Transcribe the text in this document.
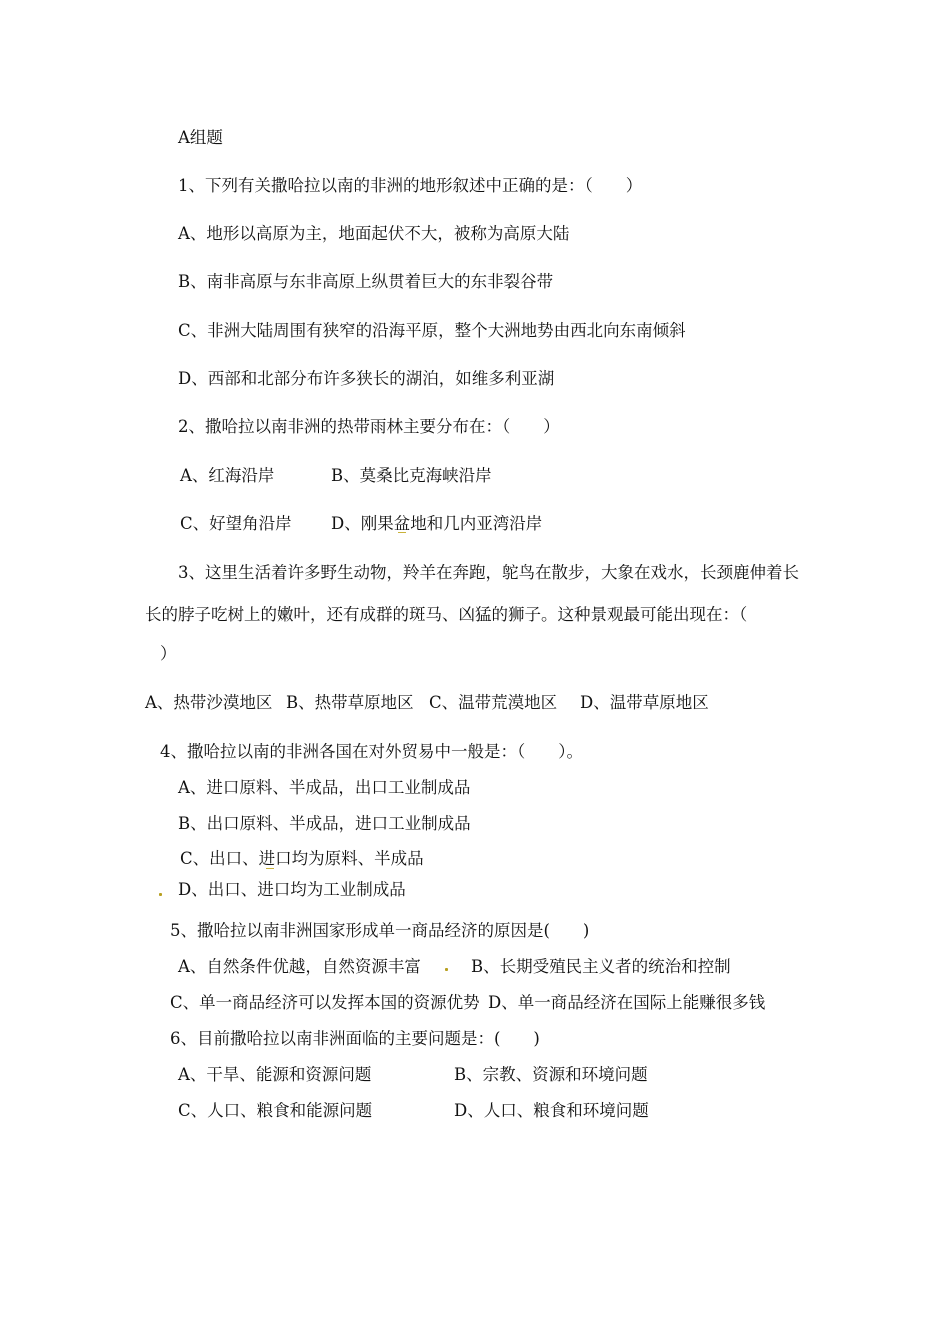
A组题
1、下列有关撒哈拉以南的非洲的地形叙述中正确的是：（　　）
A、地形以高原为主，地面起伏不大，被称为高原大陆
B、南非高原与东非高原上纵贯着巨大的东非裂谷带
C、非洲大陆周围有狭窄的沿海平原，整个大洲地势由西北向东南倾斜
D、西部和北部分布许多狭长的湖泊，如维多利亚湖
2、撒哈拉以南非洲的热带雨林主要分布在：（　　）
A、红海沿岸	B、莫桑比克海峡沿岸
C、好望角沿岸 D、刚果盆地和几内亚湾沿岸
3、这里生活着许多野生动物，羚羊在奔跑，鸵鸟在散步，大象在戏水，长颈鹿伸着长
长的脖子吃树上的嫩叶，还有成群的斑马、凶猛的狮子。这种景观最可能出现在：（
）
A、热带沙漠地区 B、热带草原地区 C、温带荒漠地区 D、温带草原地区
4、撒哈拉以南的非洲各国在对外贸易中一般是：（　　）。
A、进口原料、半成品，出口工业制成品
B、出口原料、半成品，进口工业制成品
C、出口、进口均为原料、半成品
D、出口、进口均为工业制成品
5、撒哈拉以南非洲国家形成单一商品经济的原因是(　　)
A、自然条件优越，自然资源丰富	B、长期受殖民主义者的统治和控制
C、单一商品经济可以发挥本国的资源优势 D、单一商品经济在国际上能赚很多钱
6、目前撒哈拉以南非洲面临的主要问题是：(　　)
A、干旱、能源和资源问题	B、宗教、资源和环境问题
C、人口、粮食和能源问题	D、人口、粮食和环境问题
